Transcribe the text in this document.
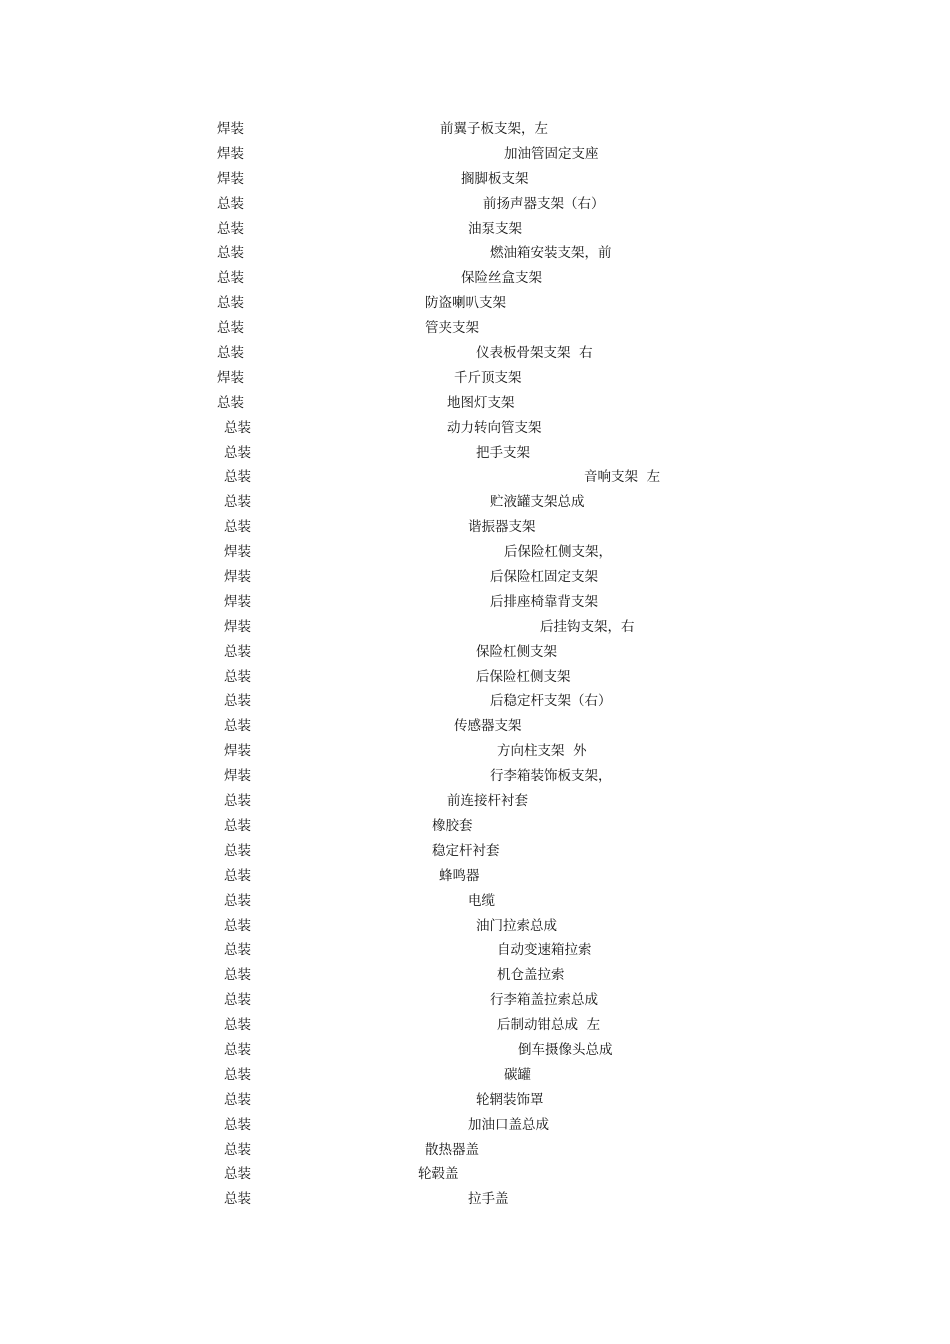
焊装	前翼子板支架，左
焊装	加油管固定支座
焊装	搁脚板支架
总装	前扬声器支架（右）
总装	油泵支架
总装	燃油箱安装支架，前
总装	保险丝盒支架
总装	防盗喇叭支架
总装	管夹支架
总装	仪表板骨架支架  右
焊装	千斤顶支架
总装	地图灯支架
总装	动力转向管支架
总装	把手支架
总装	音响支架  左
总装	贮液罐支架总成
总装	谐振器支架
焊装	后保险杠侧支架，
焊装	后保险杠固定支架
焊装	后排座椅靠背支架
焊装	后挂钩支架，右
总装	保险杠侧支架
总装	后保险杠侧支架
总装	后稳定杆支架（右）
总装	传感器支架
焊装	方向柱支架  外
焊装	行李箱装饰板支架，
总装	前连接杆衬套
总装	橡胶套
总装	稳定杆衬套
总装	蜂鸣器
总装	电缆
总装	油门拉索总成
总装	自动变速箱拉索
总装	机仓盖拉索
总装	行李箱盖拉索总成
总装	后制动钳总成  左
总装	倒车摄像头总成
总装	碳罐
总装	轮辋装饰罩
总装	加油口盖总成
总装	散热器盖
总装	轮毂盖
总装	拉手盖
